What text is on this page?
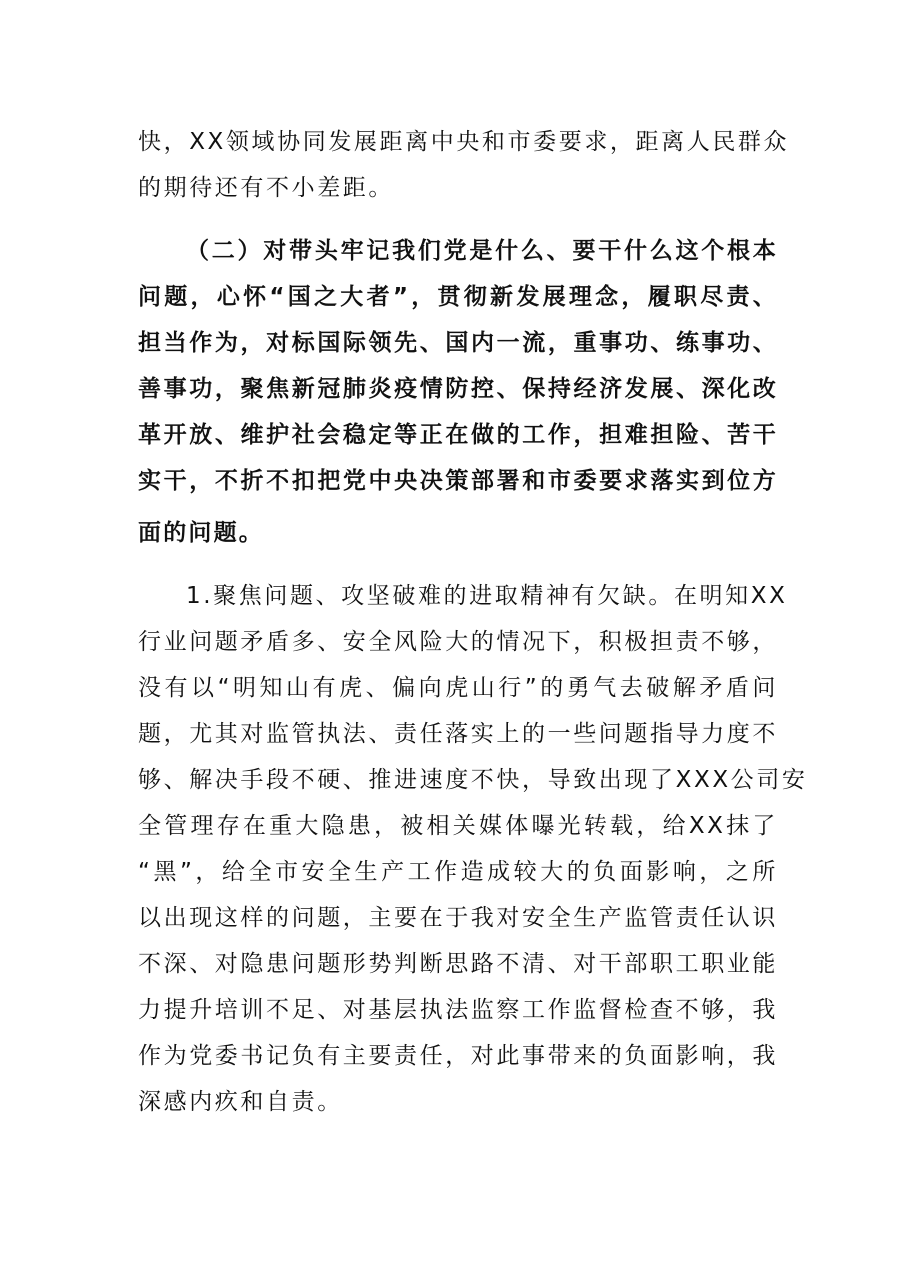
快，XX领域协同发展距离中央和市委要求，距离人民群众
的期待还有不小差距。
（二）对带头牢记我们党是什么、要干什么这个根本
问题，心怀“国之大者”，贯彻新发展理念，履职尽责、
担当作为，对标国际领先、国内一流，重事功、练事功、
善事功，聚焦新冠肺炎疫情防控、保持经济发展、深化改
革开放、维护社会稳定等正在做的工作，担难担险、苦干
实干，不折不扣把党中央决策部署和市委要求落实到位方
面的问题。
1.聚焦问题、攻坚破难的进取精神有欠缺。在明知XX
行业问题矛盾多、安全风险大的情况下，积极担责不够，
没有以“明知山有虎、偏向虎山行”的勇气去破解矛盾问
题，尤其对监管执法、责任落实上的一些问题指导力度不
够、解决手段不硬、推进速度不快，导致出现了XXX公司安
全管理存在重大隐患，被相关媒体曝光转载，给XX抹了
“黑”，给全市安全生产工作造成较大的负面影响，之所
以出现这样的问题，主要在于我对安全生产监管责任认识
不深、对隐患问题形势判断思路不清、对干部职工职业能
力提升培训不足、对基层执法监察工作监督检查不够，我
作为党委书记负有主要责任，对此事带来的负面影响，我
深感内疚和自责。
